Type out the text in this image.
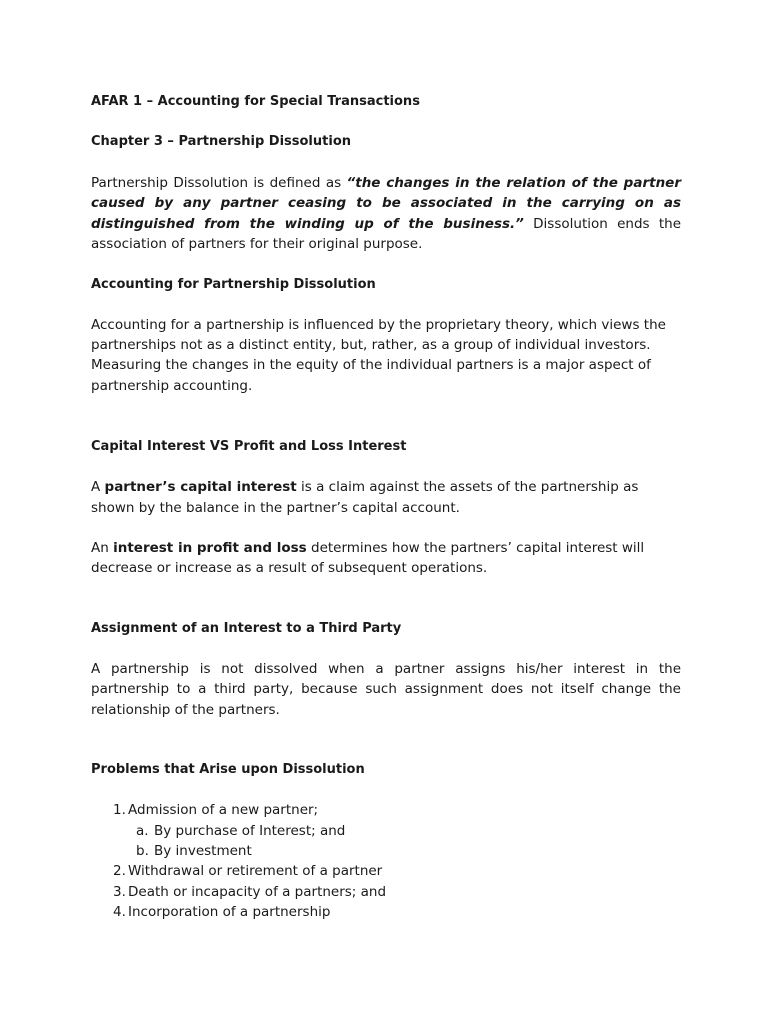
AFAR 1 – Accounting for Special Transactions

Chapter 3 – Partnership Dissolution

Partnership Dissolution is defined as “the changes in the relation of the partner caused by any partner ceasing to be associated in the carrying on as distinguished from the winding up of the business.” Dissolution ends the association of partners for their original purpose.

Accounting for Partnership Dissolution

Accounting for a partnership is influenced by the proprietary theory, which views the partnerships not as a distinct entity, but, rather, as a group of individual investors. Measuring the changes in the equity of the individual partners is a major aspect of partnership accounting.

Capital Interest VS Profit and Loss Interest

A partner’s capital interest is a claim against the assets of the partnership as shown by the balance in the partner’s capital account.

An interest in profit and loss determines how the partners’ capital interest will decrease or increase as a result of subsequent operations.

Assignment of an Interest to a Third Party

A partnership is not dissolved when a partner assigns his/her interest in the partnership to a third party, because such assignment does not itself change the relationship of the partners.

Problems that Arise upon Dissolution

1. Admission of a new partner;
a. By purchase of Interest; and
b. By investment
2. Withdrawal or retirement of a partner
3. Death or incapacity of a partners; and
4. Incorporation of a partnership
